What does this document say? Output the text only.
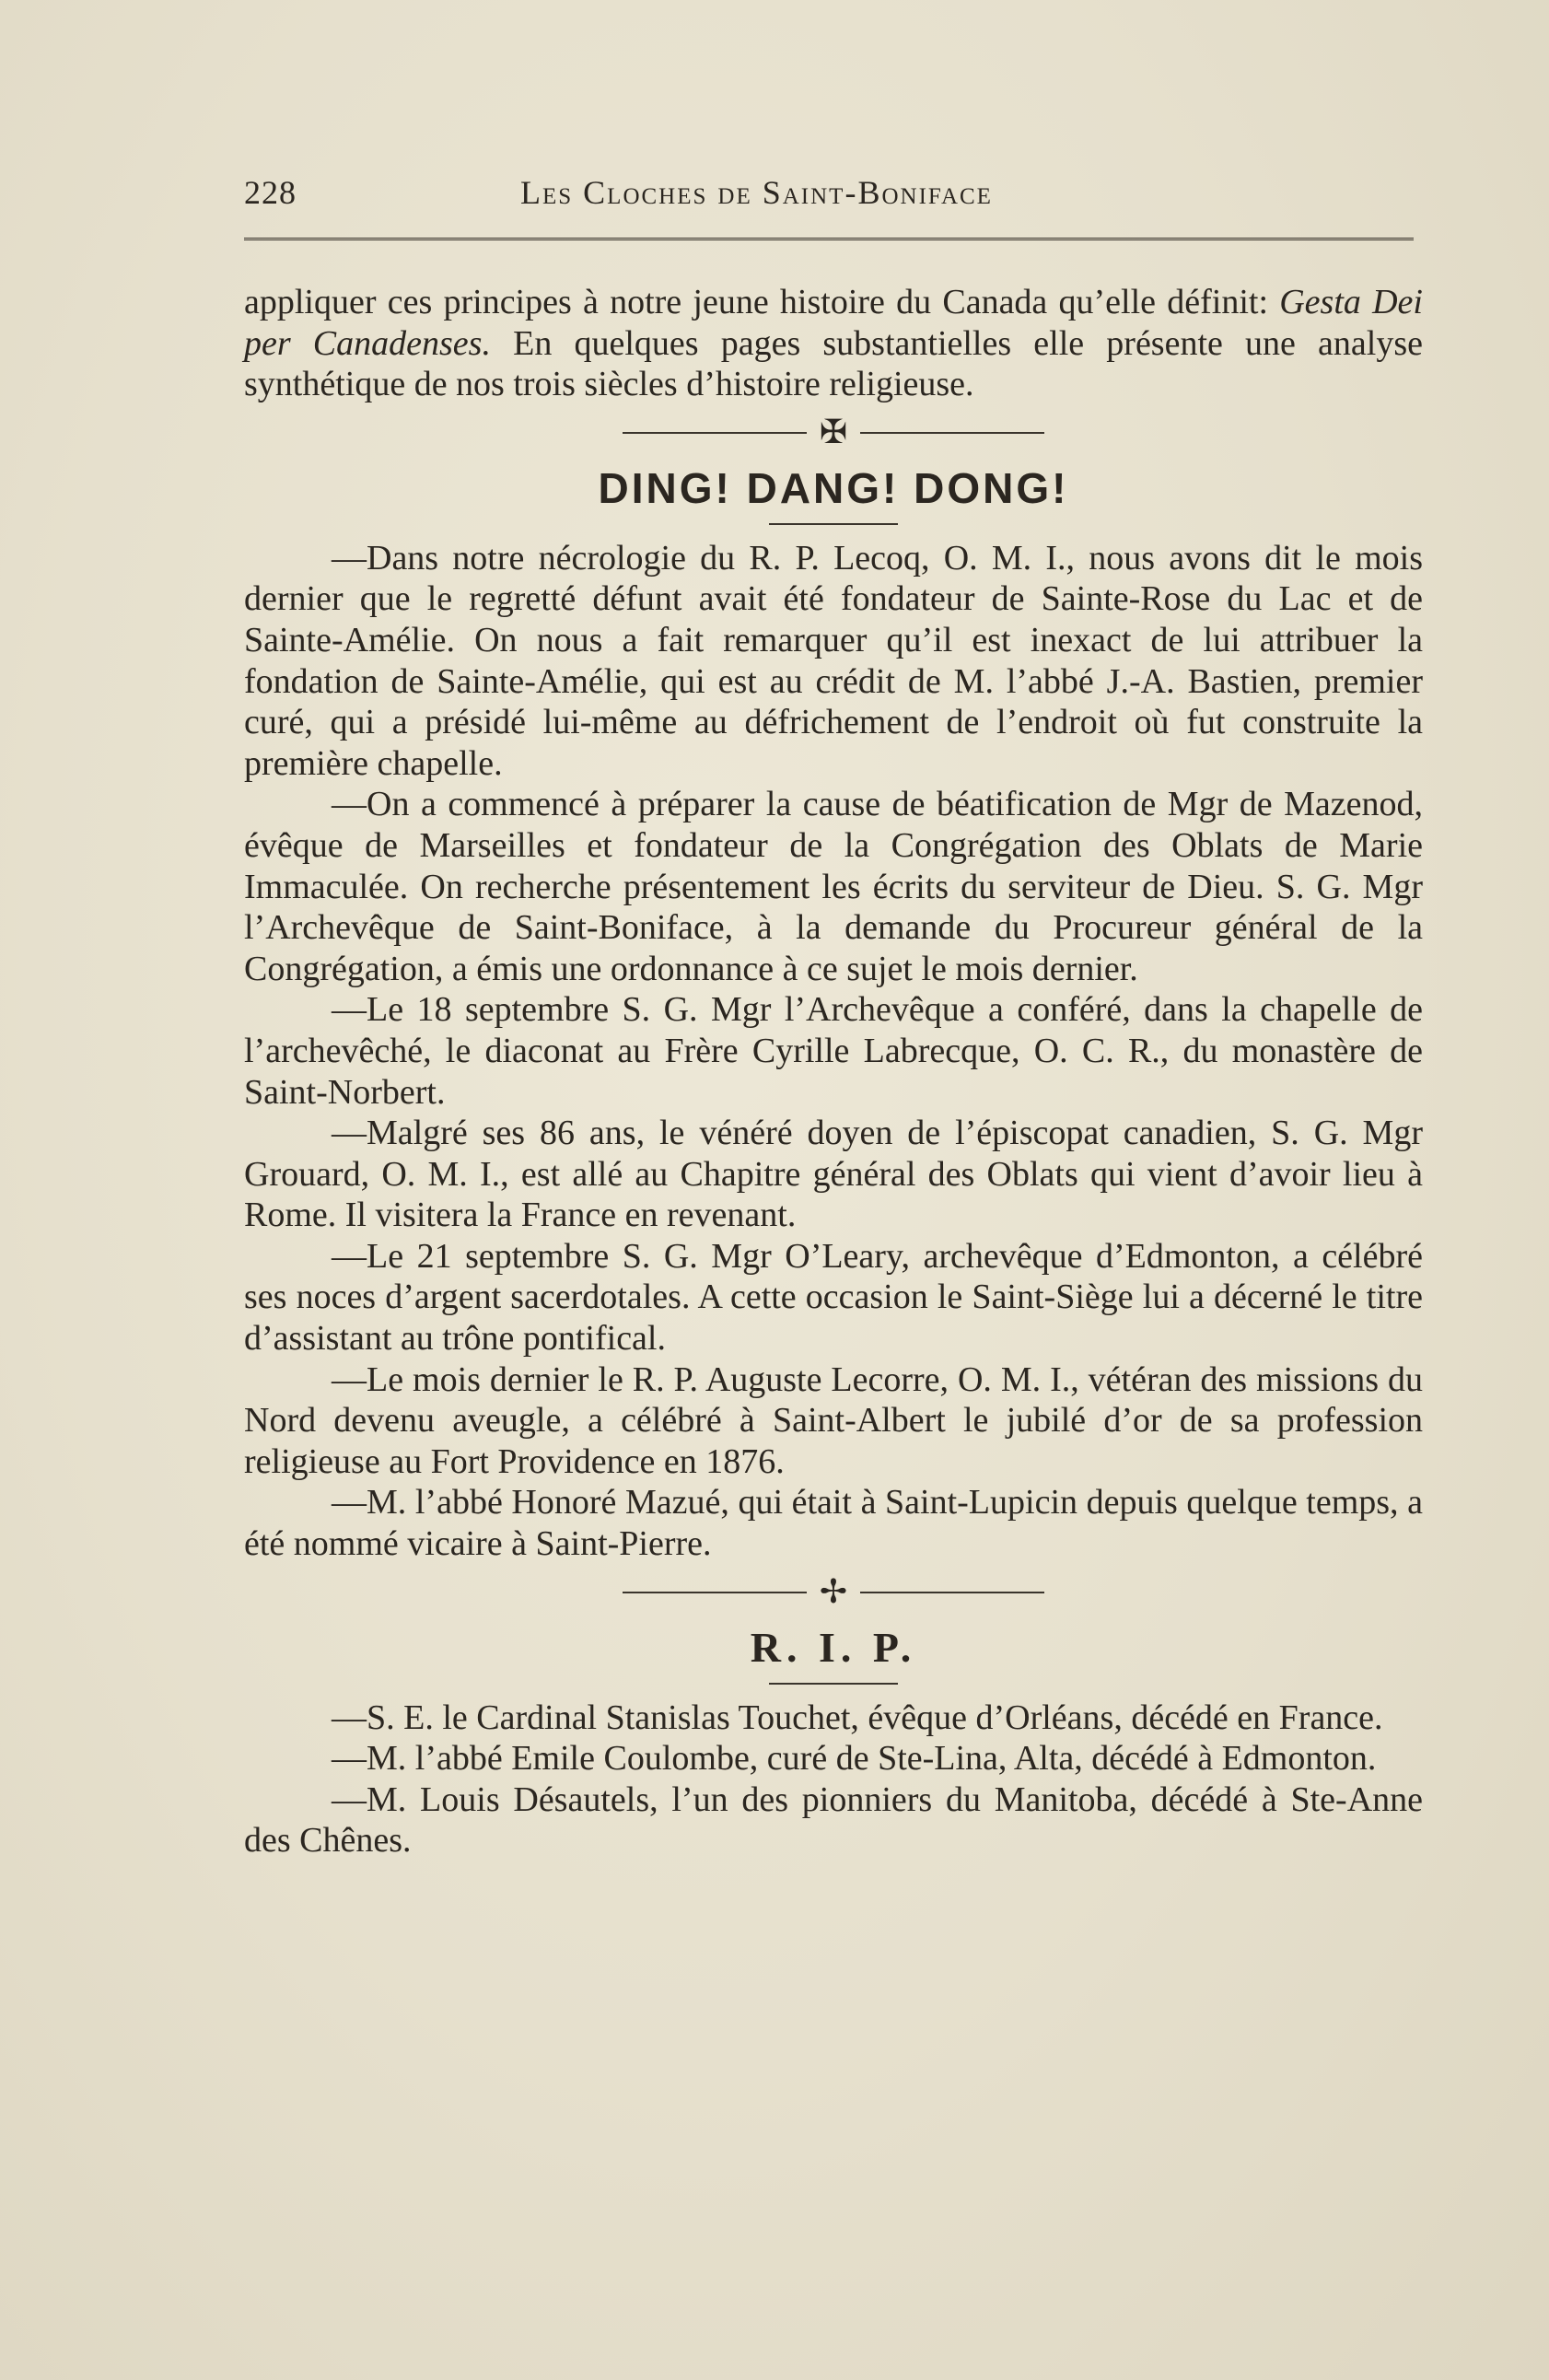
228	Les Cloches de Saint-Boniface

appliquer ces principes à notre jeune histoire du Canada qu’elle définit: Gesta Dei per Canadenses. En quelques pages substantielles elle présente une analyse synthétique de nos trois siècles d’histoire religieuse.

✠
DING! DANG! DONG!

—Dans notre nécrologie du R. P. Lecoq, O. M. I., nous avons dit le mois dernier que le regretté défunt avait été fondateur de Sainte-Rose du Lac et de Sainte-Amélie. On nous a fait remarquer qu’il est inexact de lui attribuer la fondation de Sainte-Amélie, qui est au crédit de M. l’abbé J.-A. Bastien, premier curé, qui a présidé lui-même au défrichement de l’endroit où fut construite la première chapelle.

—On a commencé à préparer la cause de béatification de Mgr de Mazenod, évêque de Marseilles et fondateur de la Congrégation des Oblats de Marie Immaculée. On recherche présentement les écrits du serviteur de Dieu. S. G. Mgr l’Archevêque de Saint-Boniface, à la demande du Procureur général de la Congrégation, a émis une ordonnance à ce sujet le mois dernier.

—Le 18 septembre S. G. Mgr l’Archevêque a conféré, dans la chapelle de l’archevêché, le diaconat au Frère Cyrille Labrecque, O. C. R., du monastère de Saint-Norbert.

—Malgré ses 86 ans, le vénéré doyen de l’épiscopat canadien, S. G. Mgr Grouard, O. M. I., est allé au Chapitre général des Oblats qui vient d’avoir lieu à Rome. Il visitera la France en revenant.

—Le 21 septembre S. G. Mgr O’Leary, archevêque d’Edmonton, a célébré ses noces d’argent sacerdotales. A cette occasion le Saint-Siège lui a décerné le titre d’assistant au trône pontifical.

—Le mois dernier le R. P. Auguste Lecorre, O. M. I., vétéran des missions du Nord devenu aveugle, a célébré à Saint-Albert le jubilé d’or de sa profession religieuse au Fort Providence en 1876.

—M. l’abbé Honoré Mazué, qui était à Saint-Lupicin depuis quelque temps, a été nommé vicaire à Saint-Pierre.

✢
R. I. P.

—S. E. le Cardinal Stanislas Touchet, évêque d’Orléans, décédé en France.

—M. l’abbé Emile Coulombe, curé de Ste-Lina, Alta, décédé à Edmonton.

—M. Louis Désautels, l’un des pionniers du Manitoba, décédé à Ste-Anne des Chênes.
